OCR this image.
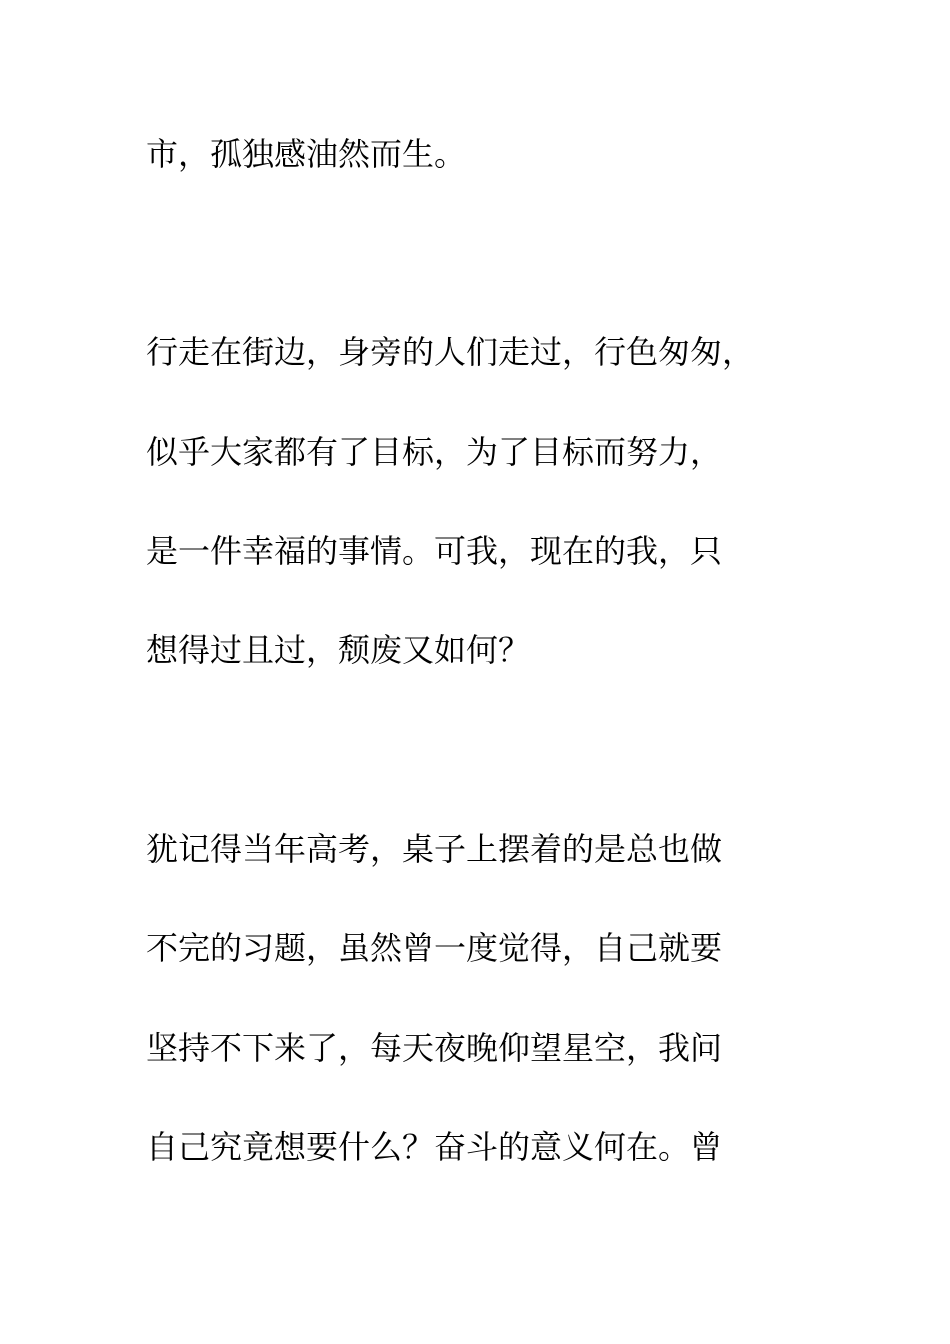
市，孤独感油然而生。
行走在街边，身旁的人们走过，行色匆匆，
似乎大家都有了目标，为了目标而努力，
是一件幸福的事情。可我，现在的我，只
想得过且过，颓废又如何？
犹记得当年高考，桌子上摆着的是总也做
不完的习题，虽然曾一度觉得，自己就要
坚持不下来了，每天夜晚仰望星空，我问
自己究竟想要什么？奋斗的意义何在。曾
